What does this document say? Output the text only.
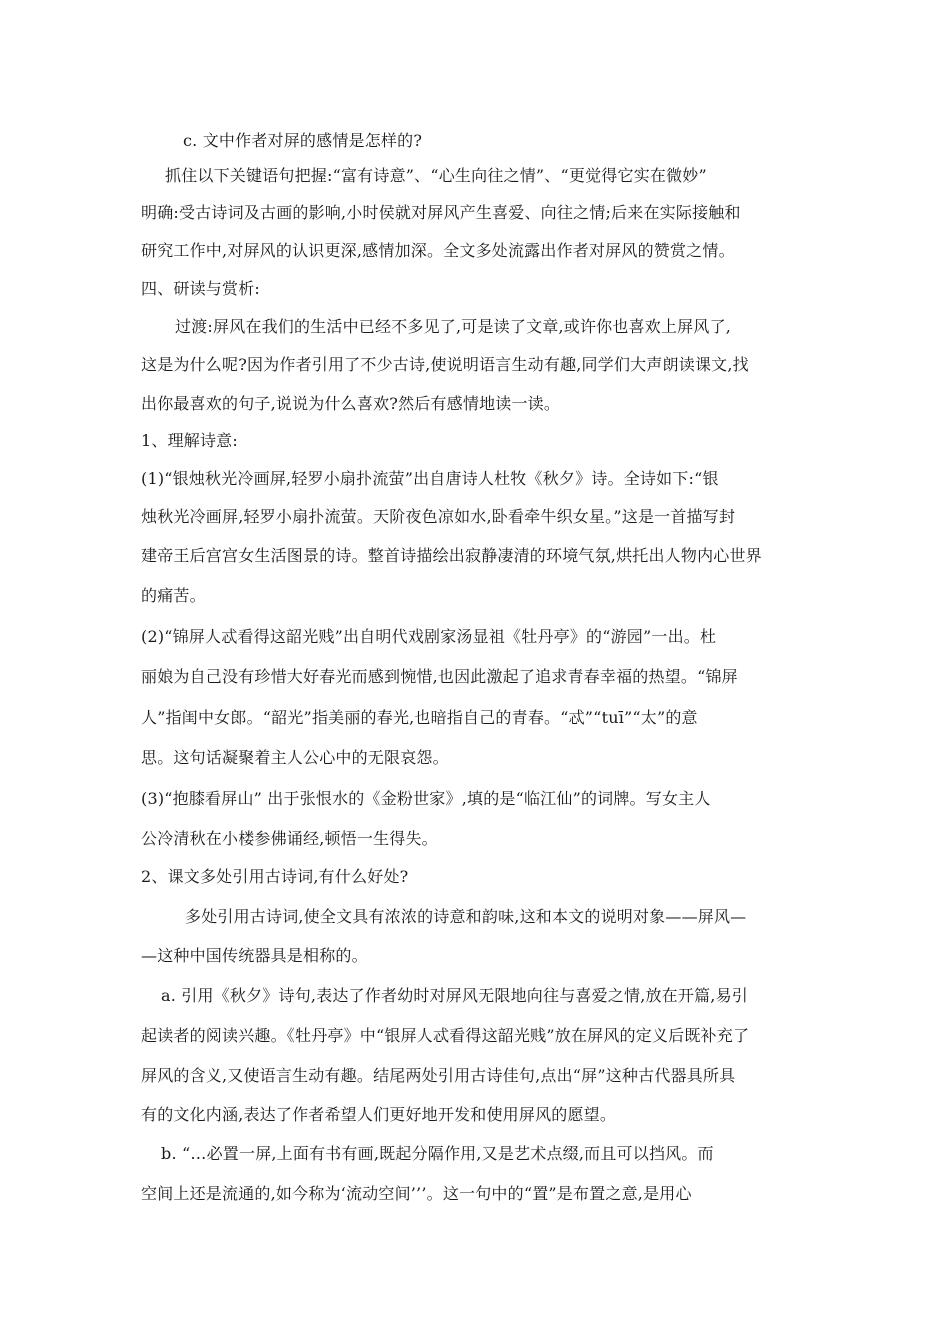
c. 文中作者对屏的感情是怎样的?
抓住以下关键语句把握:“富有诗意”、“心生向往之情”、“更觉得它实在微妙”
明确:受古诗词及古画的影响,小时侯就对屏风产生喜爱、向往之情;后来在实际接触和
研究工作中,对屏风的认识更深,感情加深。全文多处流露出作者对屏风的赞赏之情。
四、研读与赏析:
过渡:屏风在我们的生活中已经不多见了,可是读了文章,或许你也喜欢上屏风了,
这是为什么呢?因为作者引用了不少古诗,使说明语言生动有趣,同学们大声朗读课文,找
出你最喜欢的句子,说说为什么喜欢?然后有感情地读一读。
1、理解诗意:
(1)“银烛秋光冷画屏,轻罗小扇扑流萤”出自唐诗人杜牧《秋夕》诗。全诗如下:“银
烛秋光冷画屏,轻罗小扇扑流萤。天阶夜色凉如水,卧看牵牛织女星。”这是一首描写封
建帝王后宫宫女生活图景的诗。整首诗描绘出寂静凄清的环境气氛,烘托出人物内心世界
的痛苦。
(2)“锦屏人忒看得这韶光贱”出自明代戏剧家汤显祖《牡丹亭》的“游园”一出。杜
丽娘为自己没有珍惜大好春光而感到惋惜,也因此激起了追求青春幸福的热望。“锦屏
人”指闺中女郎。“韶光”指美丽的春光,也暗指自己的青春。“忒”“tuī”“太”的意
思。这句话凝聚着主人公心中的无限哀怨。
(3)“抱膝看屏山” 出于张恨水的《金粉世家》,填的是“临江仙”的词牌。写女主人
公冷清秋在小楼参佛诵经,顿悟一生得失。
2、课文多处引用古诗词,有什么好处?
多处引用古诗词,使全文具有浓浓的诗意和韵味,这和本文的说明对象——屏风—
—这种中国传统器具是相称的。
a. 引用《秋夕》诗句,表达了作者幼时对屏风无限地向往与喜爱之情,放在开篇,易引
起读者的阅读兴趣。《牡丹亭》中“银屏人忒看得这韶光贱”放在屏风的定义后既补充了
屏风的含义,又使语言生动有趣。结尾两处引用古诗佳句,点出“屏”这种古代器具所具
有的文化内涵,表达了作者希望人们更好地开发和使用屏风的愿望。
b. “…必置一屏,上面有书有画,既起分隔作用,又是艺术点缀,而且可以挡风。而
空间上还是流通的,如今称为‘流动空间’’’。这一句中的“置”是布置之意,是用心
